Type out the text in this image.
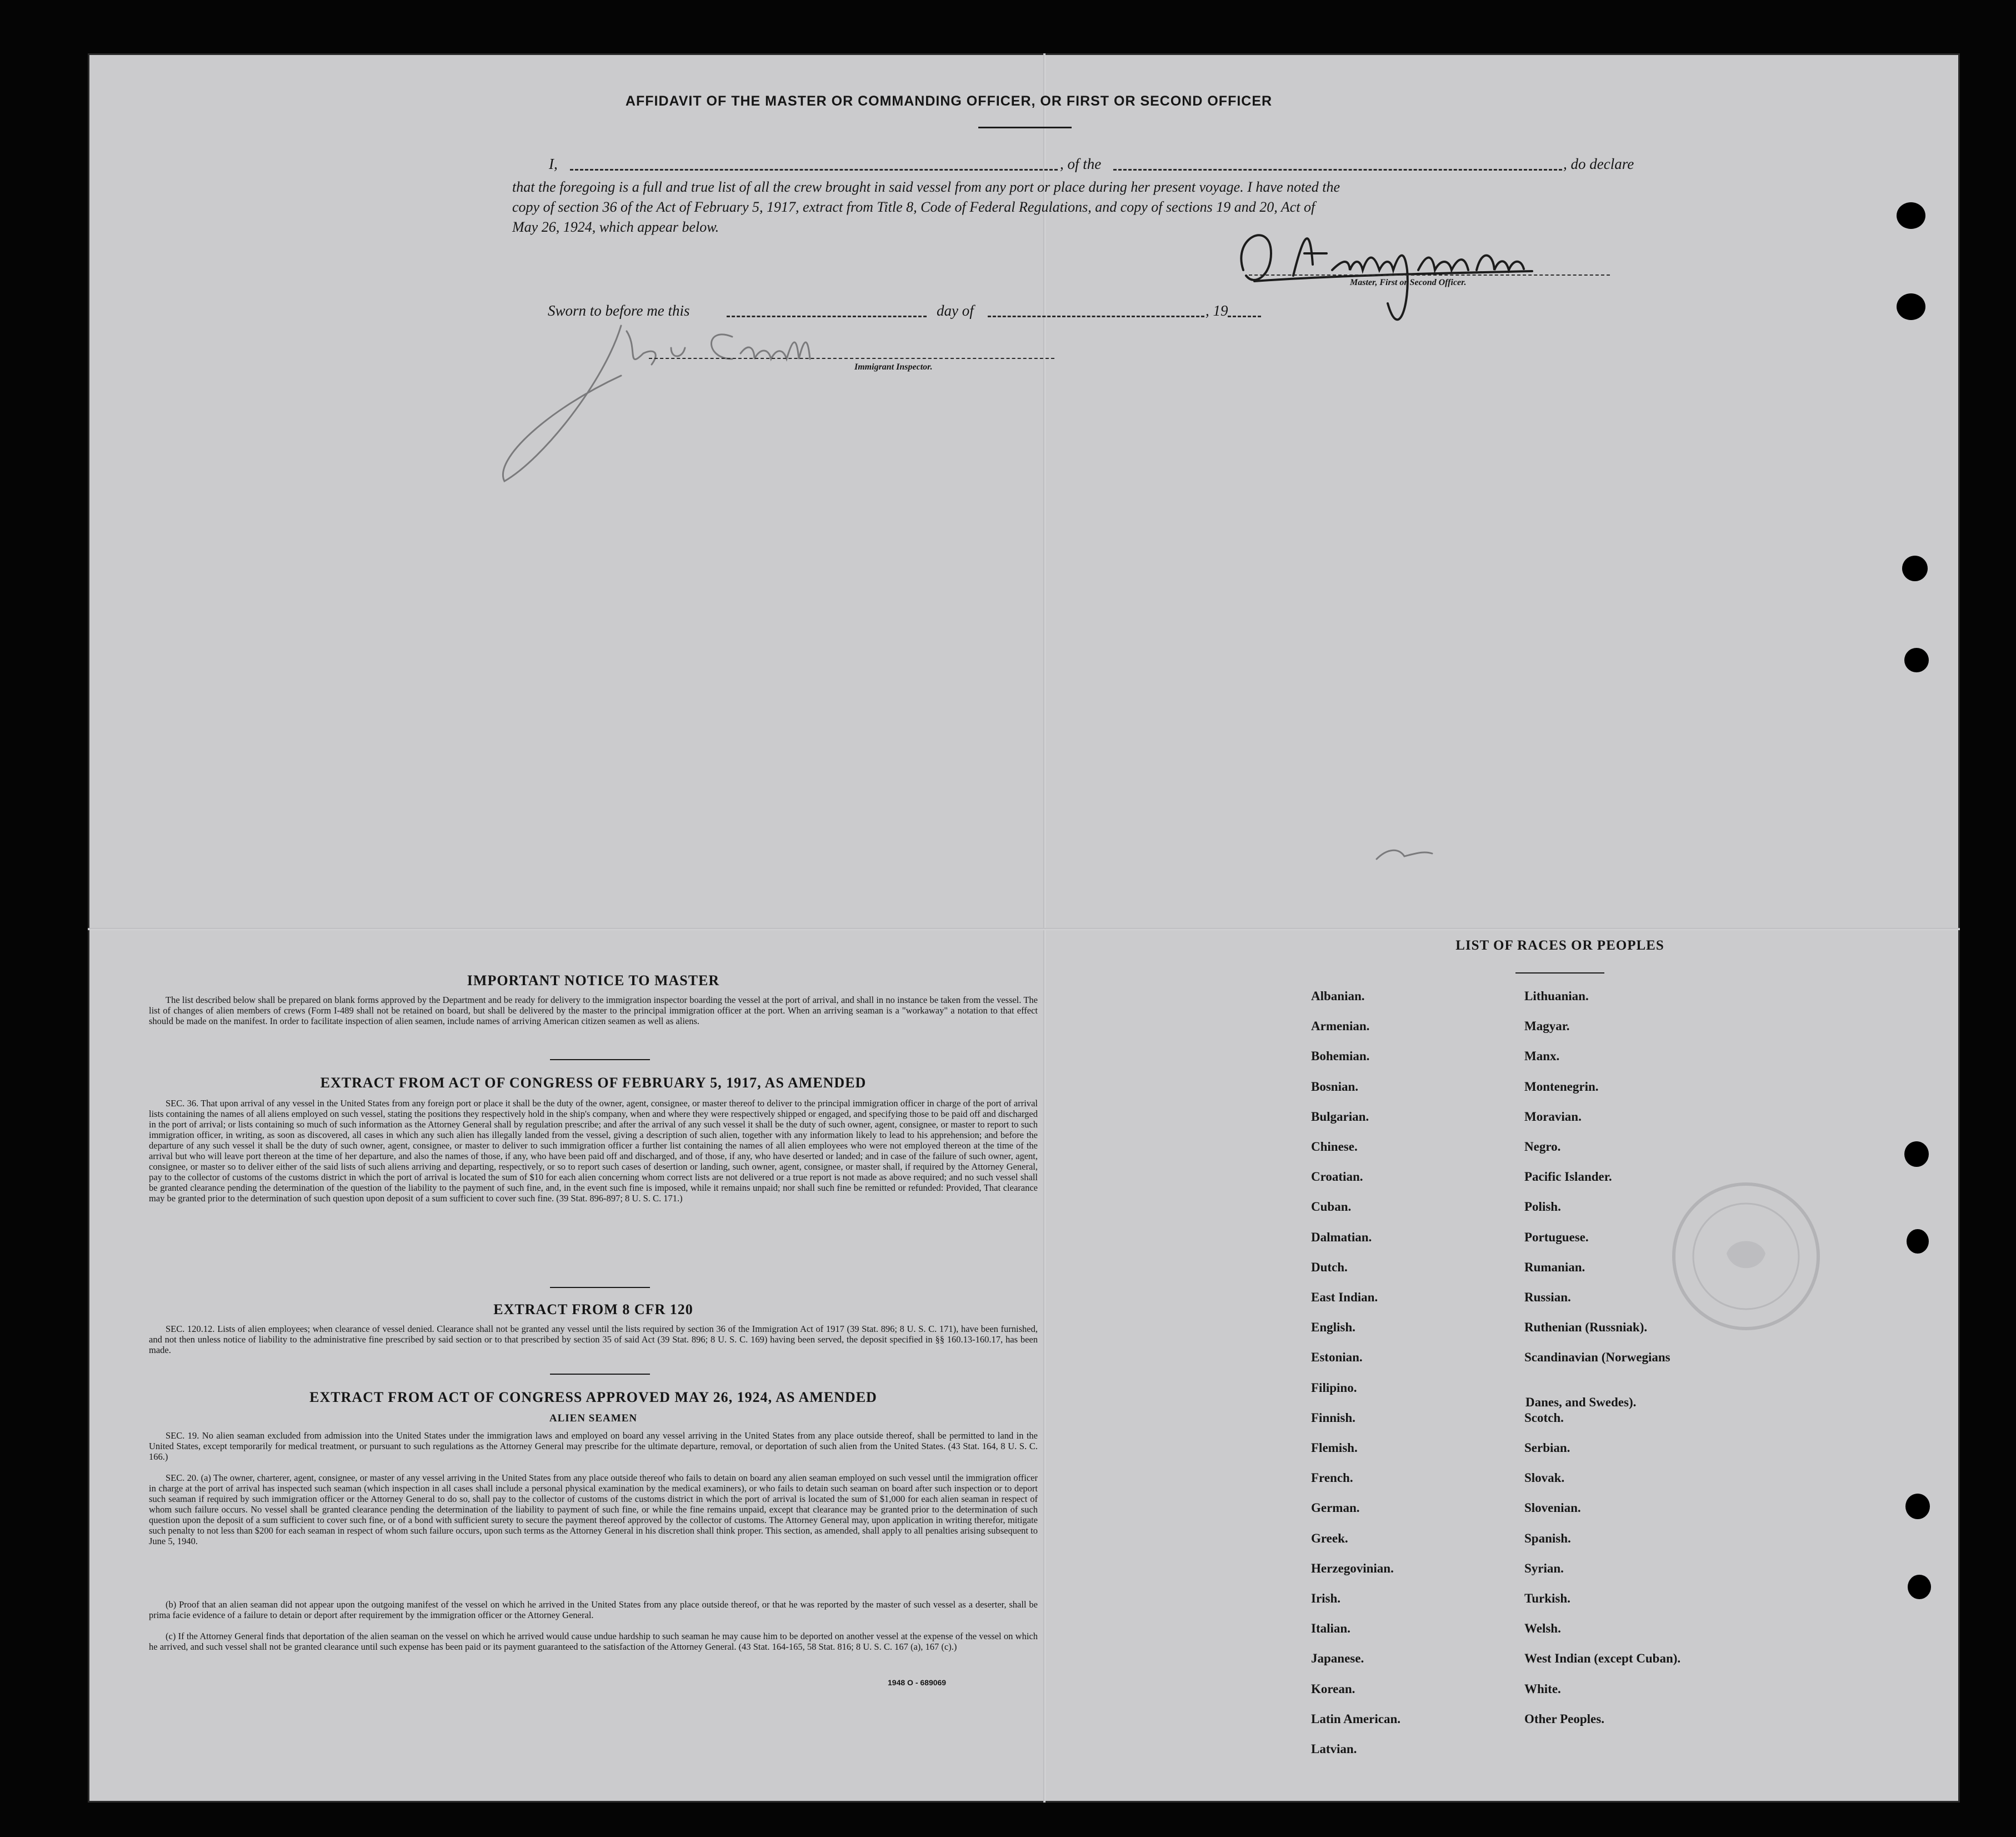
AFFIDAVIT OF THE MASTER OR COMMANDING OFFICER, OR FIRST OR SECOND OFFICER
I,	, of the	, do declare
that the foregoing is a full and true list of all the crew brought in said vessel from any port or place during her present voyage. I have noted the
copy of section 36 of the Act of February 5, 1917, extract from Title 8, Code of Federal Regulations, and copy of sections 19 and 20, Act of
May 26, 1924, which appear below.
Master, First or Second Officer.
Sworn to before me this	day of	, 19
Immigrant Inspector.
IMPORTANT NOTICE TO MASTER
The list described below shall be prepared on blank forms approved by the Department and be ready for delivery to the immigration inspector boarding the vessel at the port of arrival, and shall in no instance be taken from the vessel. The list of changes of alien members of crews (Form I-489 shall not be retained on board, but shall be delivered by the master to the principal immigration officer at the port. When an arriving seaman is a "workaway" a notation to that effect should be made on the manifest. In order to facilitate inspection of alien seamen, include names of arriving American citizen seamen as well as aliens.
EXTRACT FROM ACT OF CONGRESS OF FEBRUARY 5, 1917, AS AMENDED
SEC. 36. That upon arrival of any vessel in the United States from any foreign port or place it shall be the duty of the owner, agent, consignee, or master thereof to deliver to the principal immigration officer in charge of the port of arrival lists containing the names of all aliens employed on such vessel, stating the positions they respectively hold in the ship's company, when and where they were respectively shipped or engaged, and specifying those to be paid off and discharged in the port of arrival; or lists containing so much of such information as the Attorney General shall by regulation prescribe; and after the arrival of any such vessel it shall be the duty of such owner, agent, consignee, or master to report to such immigration officer, in writing, as soon as discovered, all cases in which any such alien has illegally landed from the vessel, giving a description of such alien, together with any information likely to lead to his apprehension; and before the departure of any such vessel it shall be the duty of such owner, agent, consignee, or master to deliver to such immigration officer a further list containing the names of all alien employees who were not employed thereon at the time of the arrival but who will leave port thereon at the time of her departure, and also the names of those, if any, who have been paid off and discharged, and of those, if any, who have deserted or landed; and in case of the failure of such owner, agent, consignee, or master so to deliver either of the said lists of such aliens arriving and departing, respectively, or so to report such cases of desertion or landing, such owner, agent, consignee, or master shall, if required by the Attorney General, pay to the collector of customs of the customs district in which the port of arrival is located the sum of $10 for each alien concerning whom correct lists are not delivered or a true report is not made as above required; and no such vessel shall be granted clearance pending the determination of the question of the liability to the payment of such fine, and, in the event such fine is imposed, while it remains unpaid; nor shall such fine be remitted or refunded: Provided, That clearance may be granted prior to the determination of such question upon deposit of a sum sufficient to cover such fine. (39 Stat. 896-897; 8 U. S. C. 171.)
EXTRACT FROM 8 CFR 120
SEC. 120.12. Lists of alien employees; when clearance of vessel denied. Clearance shall not be granted any vessel until the lists required by section 36 of the Immigration Act of 1917 (39 Stat. 896; 8 U. S. C. 171), have been furnished, and not then unless notice of liability to the administrative fine prescribed by said section or to that prescribed by section 35 of said Act (39 Stat. 896; 8 U. S. C. 169) having been served, the deposit specified in §§ 160.13-160.17, has been made.
EXTRACT FROM ACT OF CONGRESS APPROVED MAY 26, 1924, AS AMENDED
ALIEN SEAMEN
SEC. 19. No alien seaman excluded from admission into the United States under the immigration laws and employed on board any vessel arriving in the United States from any place outside thereof, shall be permitted to land in the United States, except temporarily for medical treatment, or pursuant to such regulations as the Attorney General may prescribe for the ultimate departure, removal, or deportation of such alien from the United States. (43 Stat. 164, 8 U. S. C. 166.)
SEC. 20. (a) The owner, charterer, agent, consignee, or master of any vessel arriving in the United States from any place outside thereof who fails to detain on board any alien seaman employed on such vessel until the immigration officer in charge at the port of arrival has inspected such seaman (which inspection in all cases shall include a personal physical examination by the medical examiners), or who fails to detain such seaman on board after such inspection or to deport such seaman if required by such immigration officer or the Attorney General to do so, shall pay to the collector of customs of the customs district in which the port of arrival is located the sum of $1,000 for each alien seaman in respect of whom such failure occurs. No vessel shall be granted clearance pending the determination of the liability to payment of such fine, or while the fine remains unpaid, except that clearance may be granted prior to the determination of such question upon the deposit of a sum sufficient to cover such fine, or of a bond with sufficient surety to secure the payment thereof approved by the collector of customs. The Attorney General may, upon application in writing therefor, mitigate such penalty to not less than $200 for each seaman in respect of whom such failure occurs, upon such terms as the Attorney General in his discretion shall think proper. This section, as amended, shall apply to all penalties arising subsequent to June 5, 1940.
(b) Proof that an alien seaman did not appear upon the outgoing manifest of the vessel on which he arrived in the United States from any place outside thereof, or that he was reported by the master of such vessel as a deserter, shall be prima facie evidence of a failure to detain or deport after requirement by the immigration officer or the Attorney General.
(c) If the Attorney General finds that deportation of the alien seaman on the vessel on which he arrived would cause undue hardship to such seaman he may cause him to be deported on another vessel at the expense of the vessel on which he arrived, and such vessel shall not be granted clearance until such expense has been paid or its payment guaranteed to the satisfaction of the Attorney General. (43 Stat. 164-165, 58 Stat. 816; 8 U. S. C. 167 (a), 167 (c).)
1948 O - 689069
LIST OF RACES OR PEOPLES
Albanian.
Armenian.
Bohemian.
Bosnian.
Bulgarian.
Chinese.
Croatian.
Cuban.
Dalmatian.
Dutch.
East Indian.
English.
Estonian.
Filipino.
Finnish.
Flemish.
French.
German.
Greek.
Herzegovinian.
Irish.
Italian.
Japanese.
Korean.
Latin American.
Latvian.
Lithuanian.
Magyar.
Manx.
Montenegrin.
Moravian.
Negro.
Pacific Islander.
Polish.
Portuguese.
Rumanian.
Russian.
Ruthenian (Russniak).
Scandinavian (Norwegians
Danes, and Swedes).
Scotch.
Serbian.
Slovak.
Slovenian.
Spanish.
Syrian.
Turkish.
Welsh.
West Indian (except Cuban).
White.
Other Peoples.
